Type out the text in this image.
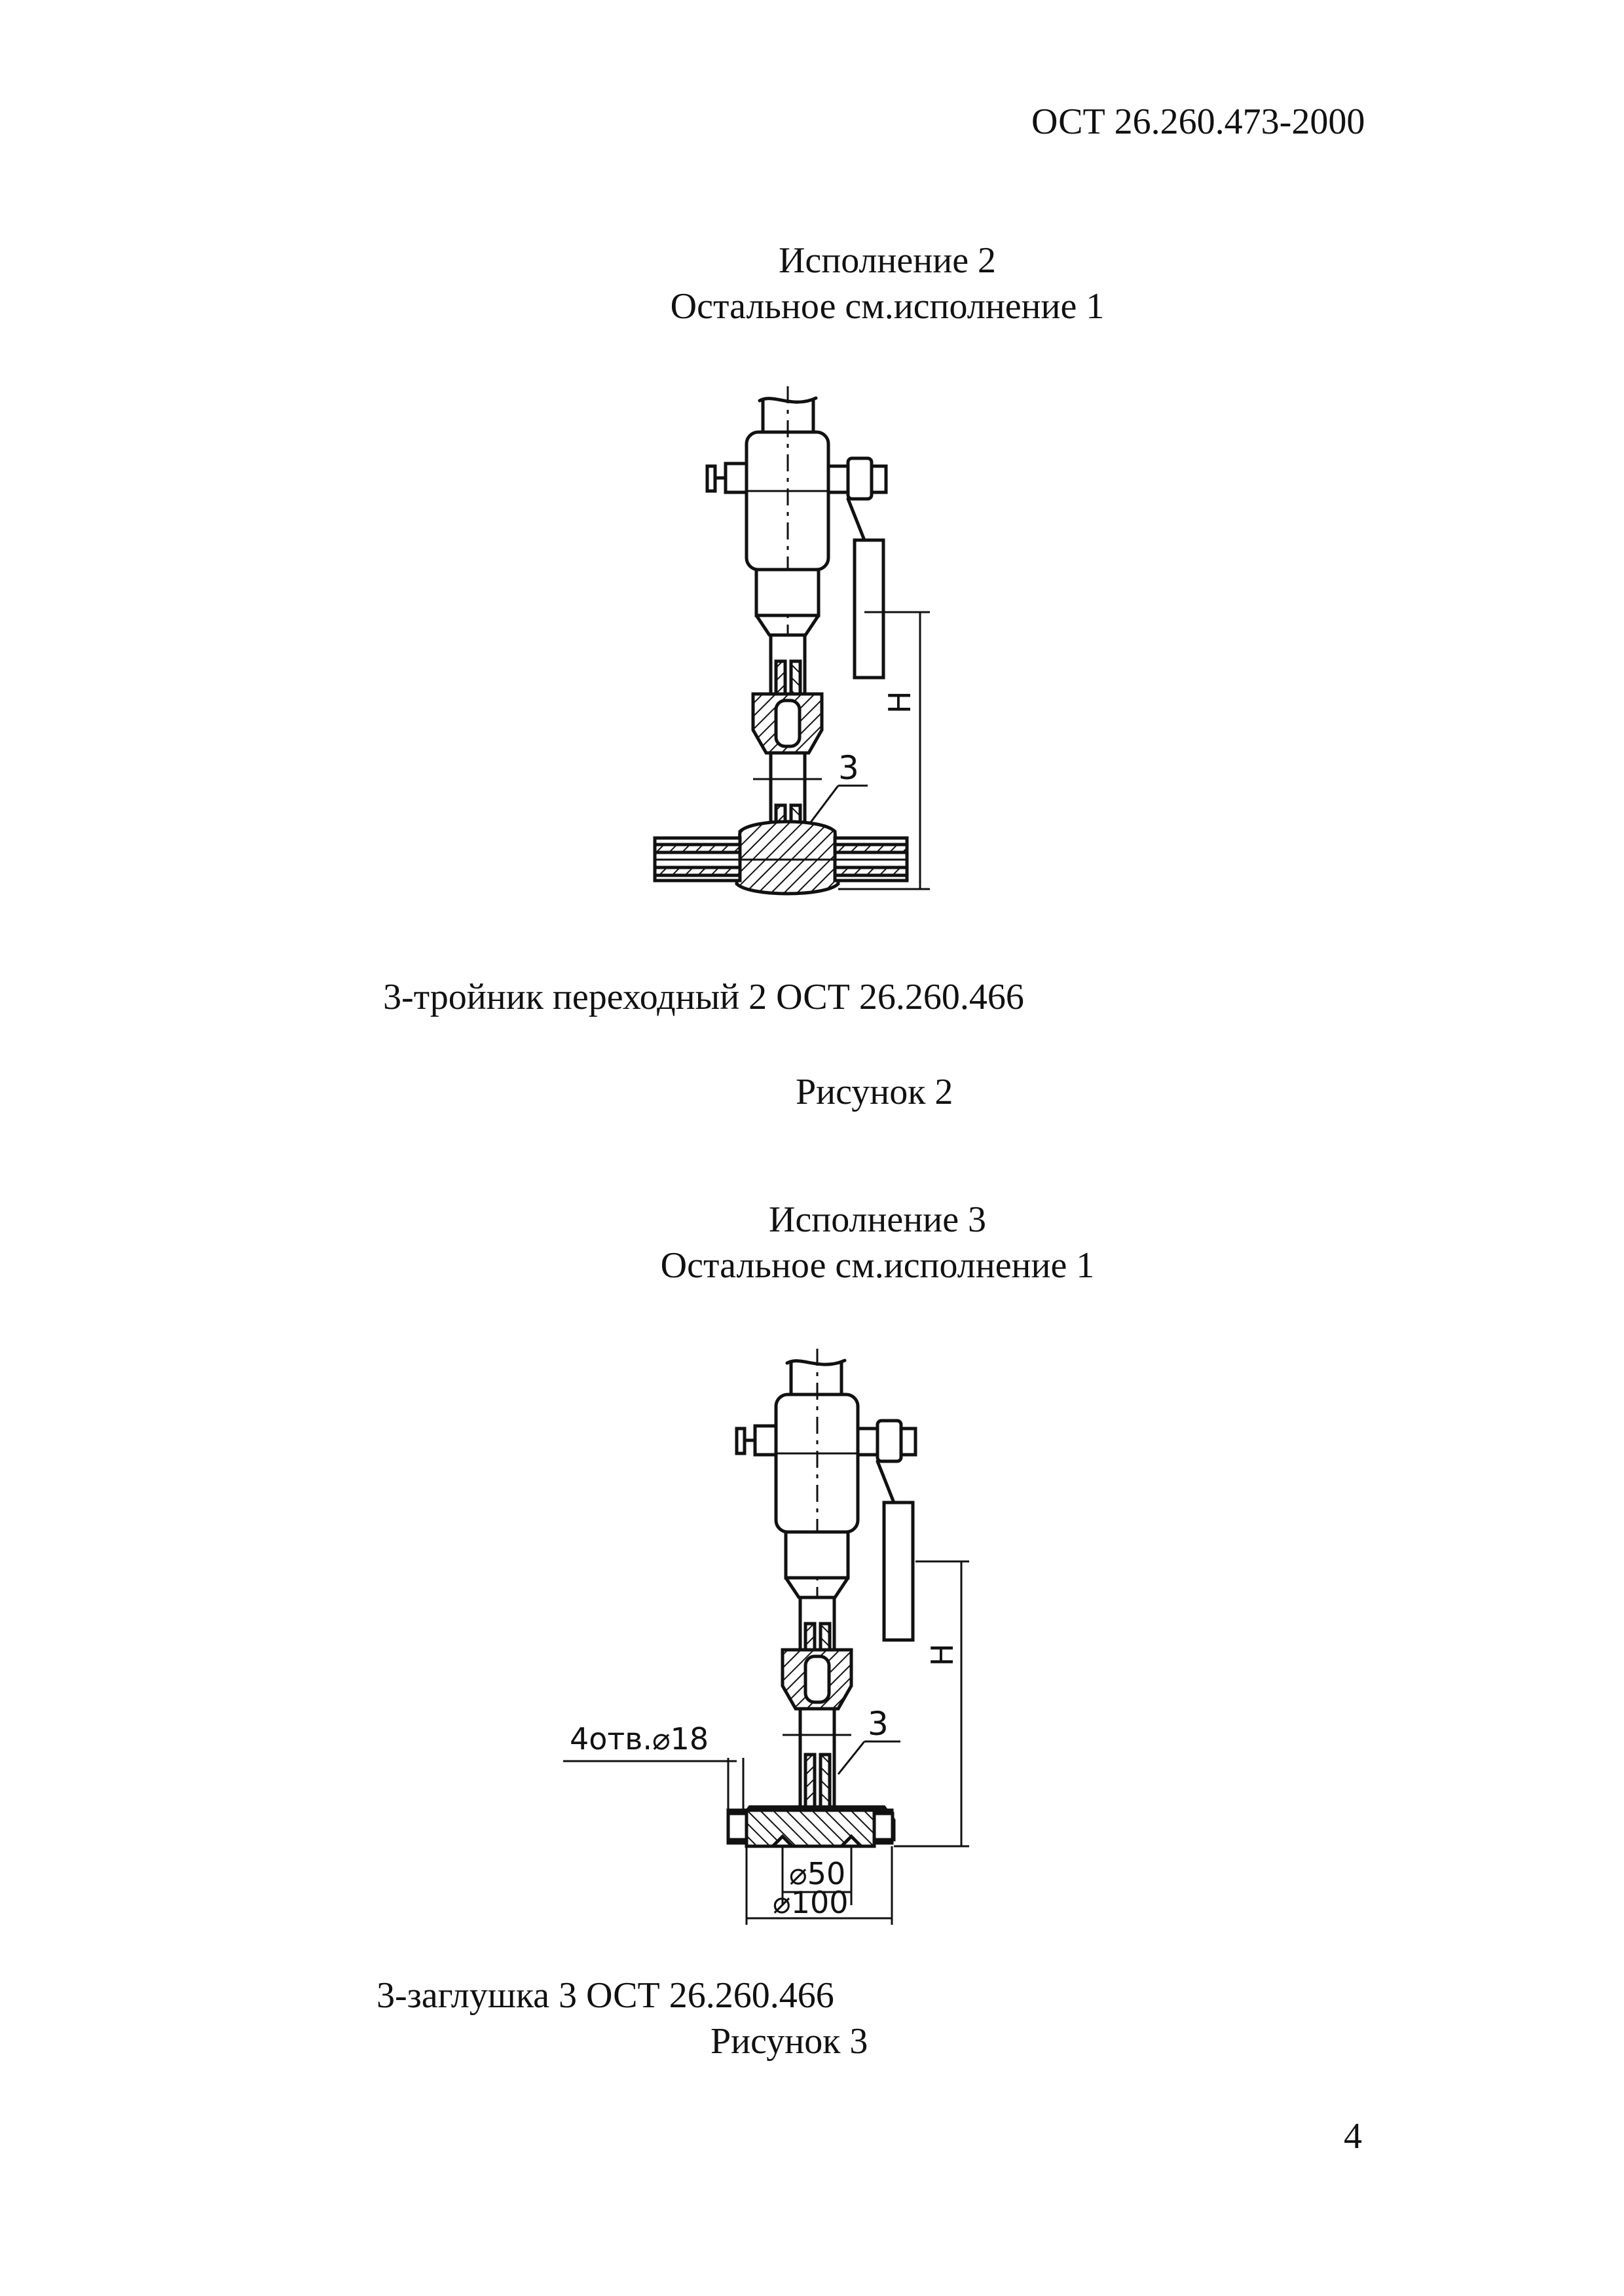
ОСТ 26.260.473-2000
Исполнение 2
Остальное см.исполнение 1
3
Н
3-тройник переходный 2 ОСТ 26.260.466
Рисунок 2
Исполнение 3
Остальное см.исполнение 1
3
4отв.⌀18
⌀50
⌀100
Н
3-заглушка 3 ОСТ 26.260.466
Рисунок 3
4
